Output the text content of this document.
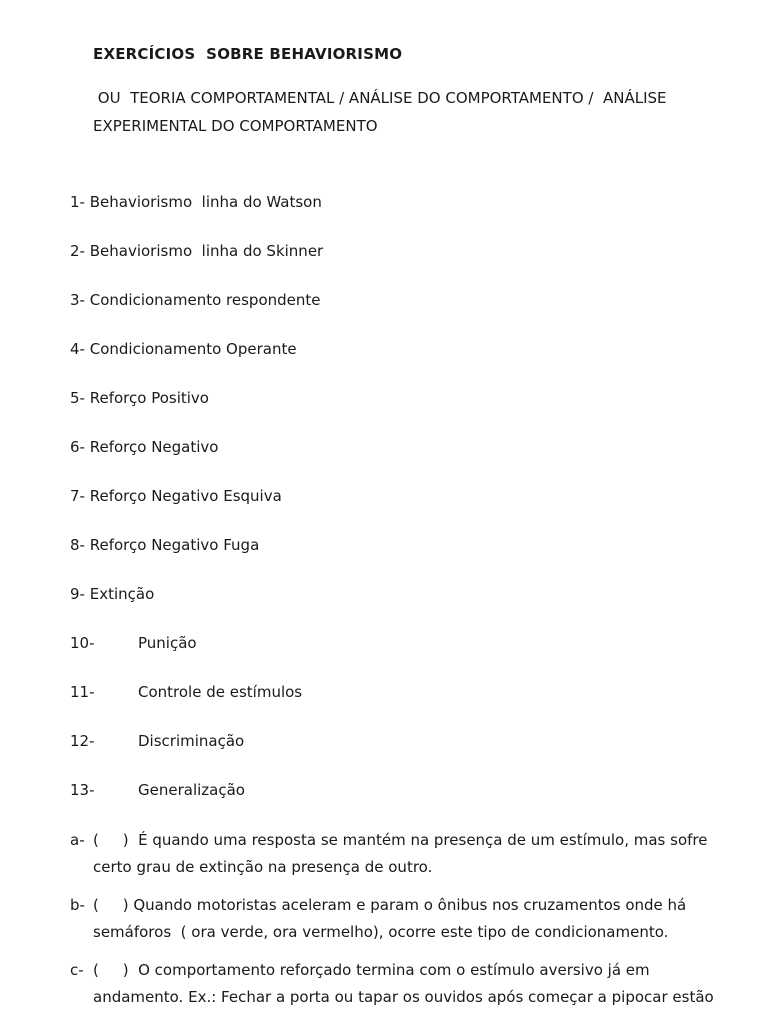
EXERCÍCIOS  SOBRE BEHAVIORISMO
OU  TEORIA COMPORTAMENTAL / ANÁLISE DO COMPORTAMENTO /  ANÁLISE EXPERIMENTAL DO COMPORTAMENTO
1- Behaviorismo  linha do Watson
2- Behaviorismo  linha do Skinner
3- Condicionamento respondente
4- Condicionamento Operante
5- Reforço Positivo
6- Reforço Negativo
7- Reforço Negativo Esquiva
8- Reforço Negativo Fuga
9- Extinção
10-	Punição
11-	Controle de estímulos
12-	Discriminação
13-	Generalização
a- (     )  É quando uma resposta se mantém na presença de um estímulo, mas sofre certo grau de extinção na presença de outro.
b- (     ) Quando motoristas aceleram e param o ônibus nos cruzamentos onde há semáforos  ( ora verde, ora vermelho), ocorre este tipo de condicionamento.
c- (     )  O comportamento reforçado termina com o estímulo aversivo já em andamento. Ex.: Fechar a porta ou tapar os ouvidos após começar a pipocar estão
